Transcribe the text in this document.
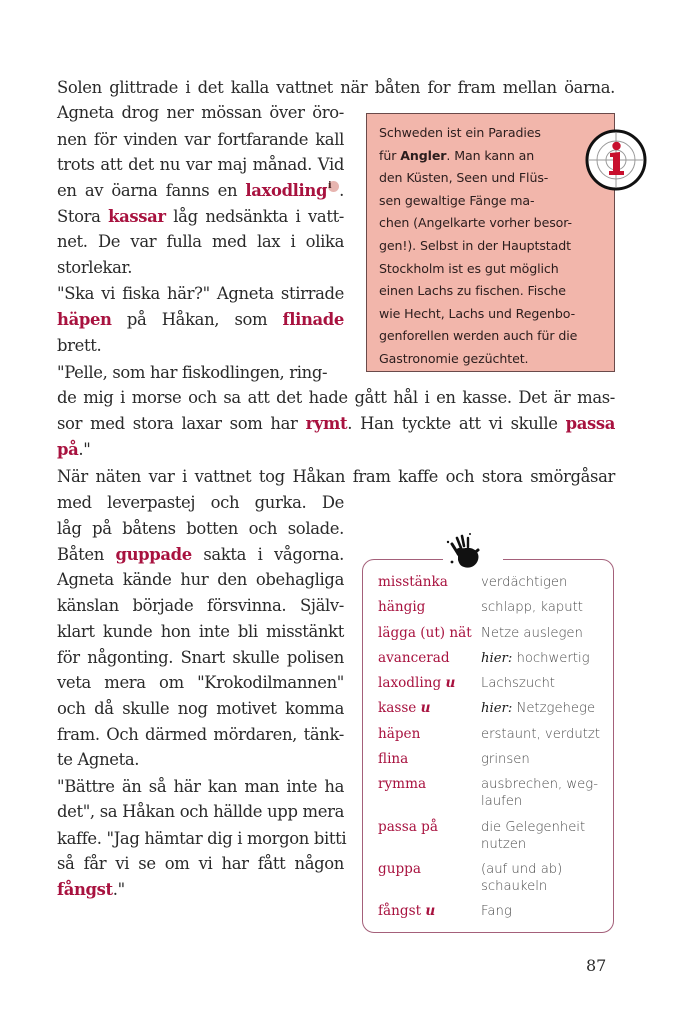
Solen glittrade i det kalla vattnet när båten for fram mellan öarna.
Agneta drog ner mössan över öro-
nen för vinden var fortfarande kall
trots att det nu var maj månad. Vid
en av öarna fanns en laxodlingi .
Stora kassar låg nedsänkta i vatt-
net. De var fulla med lax i olika
storlekar.
"Ska vi fiska här?" Agneta stirrade
häpen på Håkan, som flinade
brett.
"Pelle, som har fiskodlingen, ring-
de mig i morse och sa att det hade gått hål i en kasse. Det är mas-
sor med stora laxar som har rymt. Han tyckte att vi skulle passa
på."
När näten var i vattnet tog Håkan fram kaffe och stora smörgåsar
med leverpastej och gurka. De
låg på båtens botten och solade.
Båten guppade sakta i vågorna.
Agneta kände hur den obehagliga
känslan började försvinna. Själv-
klart kunde hon inte bli misstänkt
för någonting. Snart skulle polisen
veta mera om "Krokodilmannen"
och då skulle nog motivet komma
fram. Och därmed mördaren, tänk-
te Agneta.
"Bättre än så här kan man inte ha
det", sa Håkan och hällde upp mera
kaffe. "Jag hämtar dig i morgon bitti
så får vi se om vi har fått någon
fångst."
Schweden ist ein Paradies
für Angler. Man kann an
den Küsten, Seen und Flüs-
sen gewaltige Fänge ma-
chen (Angelkarte vorher besor-
gen!). Selbst in der Hauptstadt
Stockholm ist es gut möglich
einen Lachs zu fischen. Fische
wie Hecht, Lachs und Regenbo-
genforellen werden auch für die
Gastronomie gezüchtet.
misstänka	verdächtigen
hängig	schlapp, kaputt
lägga (ut) nät	Netze auslegen
avancerad	hier: hochwertig
laxodling u	Lachszucht
kasse u	hier: Netzgehege
häpen	erstaunt, verdutzt
flina	grinsen
rymma	ausbrechen, weg-
laufen
passa på	die Gelegenheit
nutzen
guppa	(auf und ab)
schaukeln
fångst u	Fang
87
